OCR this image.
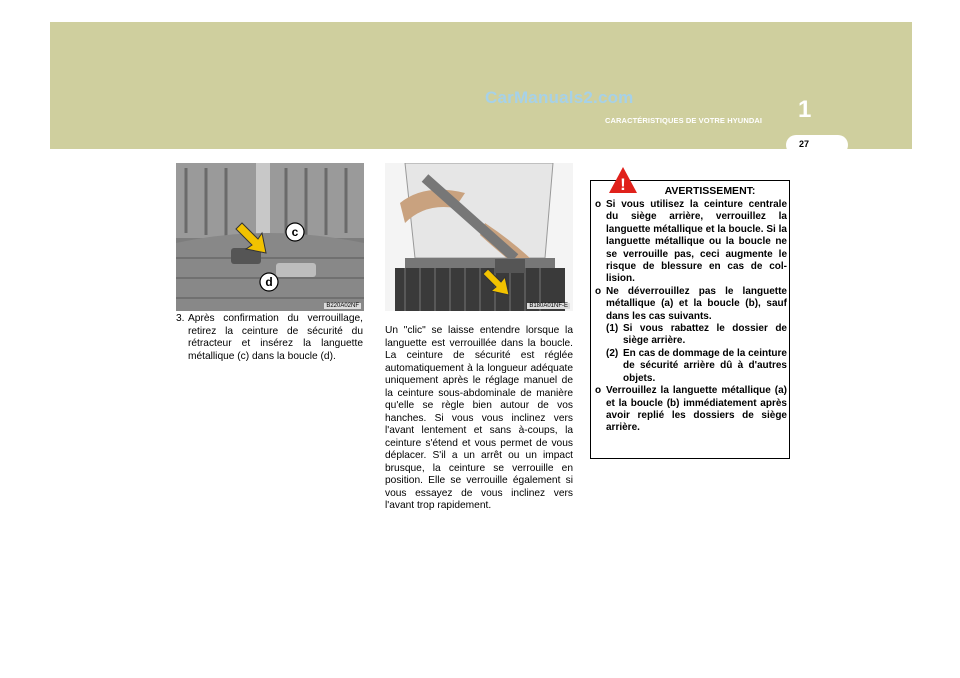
CarManuals2.com	1
CARACTÉRISTIQUES DE VOTRE HYUNDAI
27
c
d
B220A02NF	B180A01NF-E
3. Après confirmation du verrouillage, retirez la ceinture de sécurité du rétracteur et insérez la languette métallique (c) dans la boucle (d).
Un "clic" se laisse entendre lorsque la languette est verrouillée dans la boucle. La ceinture de sécurité est réglée automatiquement à la longueur adéquate uniquement après le réglage manuel de la ceinture sous-abdominale de manière qu'elle se règle bien autour de vos hanches. Si vous vous inclinez vers l'avant lentement et sans à-coups, la ceinture s'étend et vous permet de vous déplacer. S'il a un arrêt ou un impact brusque, la ceinture se verrouille en position. Elle se verrouille également si vous essayez de vous inclinez vers l'avant trop rapidement.
AVERTISSEMENT:
o Si vous utilisez la ceinture centrale du siège arrière, verrouillez la languette métallique et la boucle. Si la languette métallique ou la boucle ne se verrouille pas, ceci augmente le risque de blessure en cas de col-lision.
o Ne déverrouillez pas le languette métallique (a) et la boucle (b), sauf dans les cas suivants.
(1) Si vous rabattez le dossier de siège arrière.
(2) En cas de dommage de la ceinture de sécurité arrière dû à d'autres objets.
o Verrouillez la languette métallique (a) et la boucle (b) immédiatement après avoir replié les dossiers de siège arrière.
!
